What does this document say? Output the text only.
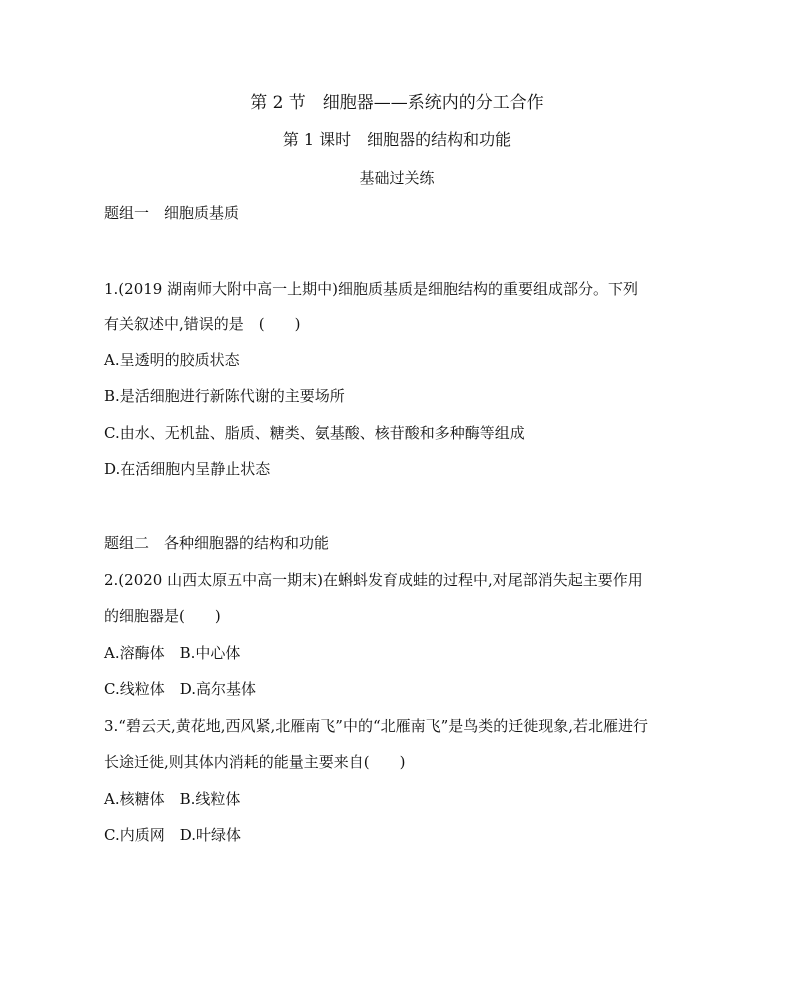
第 2 节　细胞器——系统内的分工合作
第 1 课时　细胞器的结构和功能
基础过关练
题组一　细胞质基质
1.(2019 湖南师大附中高一上期中)细胞质基质是细胞结构的重要组成部分。下列
有关叙述中,错误的是　(　　)
A.呈透明的胶质状态
B.是活细胞进行新陈代谢的主要场所
C.由水、无机盐、脂质、糖类、氨基酸、核苷酸和多种酶等组成
D.在活细胞内呈静止状态
题组二　各种细胞器的结构和功能
2.(2020 山西太原五中高一期末)在蝌蚪发育成蛙的过程中,对尾部消失起主要作用
的细胞器是(　　)
A.溶酶体　B.中心体
C.线粒体　D.高尔基体
3.“碧云天,黄花地,西风紧,北雁南飞”中的“北雁南飞”是鸟类的迁徙现象,若北雁进行
长途迁徙,则其体内消耗的能量主要来自(　　)
A.核糖体　B.线粒体
C.内质网　D.叶绿体
